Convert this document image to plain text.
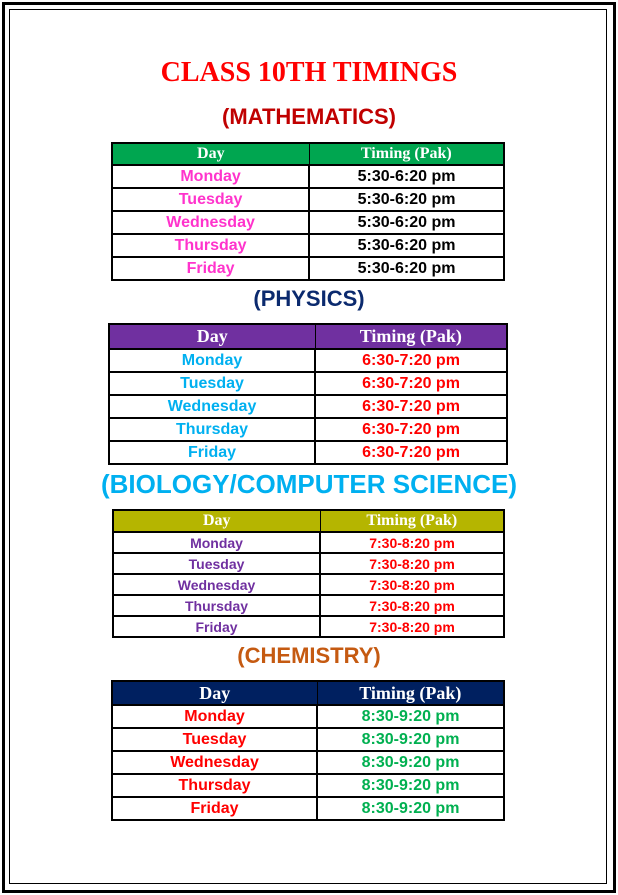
CLASS 10TH TIMINGS
(MATHEMATICS)
Day	Timing (Pak)
Monday	5:30-6:20 pm
Tuesday	5:30-6:20 pm
Wednesday	5:30-6:20 pm
Thursday	5:30-6:20 pm
Friday	5:30-6:20 pm
(PHYSICS)
Day	Timing (Pak)
Monday	6:30-7:20 pm
Tuesday	6:30-7:20 pm
Wednesday	6:30-7:20 pm
Thursday	6:30-7:20 pm
Friday	6:30-7:20 pm
(BIOLOGY/COMPUTER SCIENCE)
Day	Timing (Pak)
Monday	7:30-8:20 pm
Tuesday	7:30-8:20 pm
Wednesday	7:30-8:20 pm
Thursday	7:30-8:20 pm
Friday	7:30-8:20 pm
(CHEMISTRY)
Day	Timing (Pak)
Monday	8:30-9:20 pm
Tuesday	8:30-9:20 pm
Wednesday	8:30-9:20 pm
Thursday	8:30-9:20 pm
Friday	8:30-9:20 pm
